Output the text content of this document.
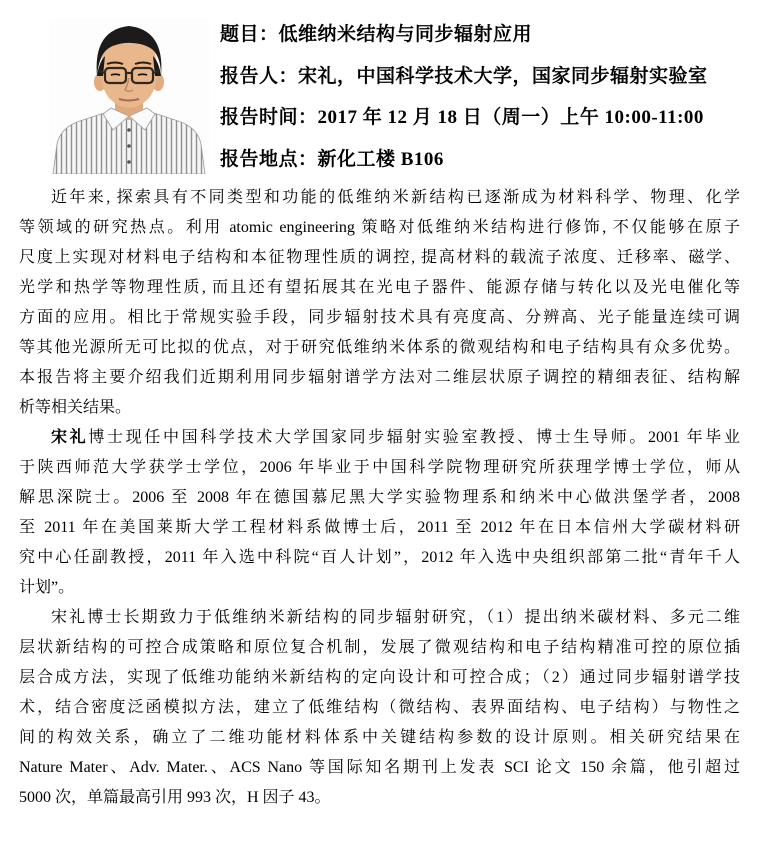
题目：低维纳米结构与同步辐射应用
报告人：宋礼，中国科学技术大学，国家同步辐射实验室
报告时间：2017 年 12 月 18 日（周一）上午 10:00-11:00
报告地点：新化工楼 B106
近年来, 探索具有不同类型和功能的低维纳米新结构已逐渐成为材料科学、物理、化学
等领域的研究热点。利用 atomic engineering 策略对低维纳米结构进行修饰, 不仅能够在原子
尺度上实现对材料电子结构和本征物理性质的调控, 提高材料的载流子浓度、迁移率、磁学、
光学和热学等物理性质, 而且还有望拓展其在光电子器件、能源存储与转化以及光电催化等
方面的应用。相比于常规实验手段，同步辐射技术具有亮度高、分辨高、光子能量连续可调
等其他光源所无可比拟的优点，对于研究低维纳米体系的微观结构和电子结构具有众多优势。
本报告将主要介绍我们近期利用同步辐射谱学方法对二维层状原子调控的精细表征、结构解
析等相关结果。
宋礼博士现任中国科学技术大学国家同步辐射实验室教授、博士生导师。2001 年毕业
于陕西师范大学获学士学位，2006 年毕业于中国科学院物理研究所获理学博士学位，师从
解思深院士。2006 至 2008 年在德国慕尼黑大学实验物理系和纳米中心做洪堡学者，2008
至 2011 年在美国莱斯大学工程材料系做博士后，2011 至 2012 年在日本信州大学碳材料研
究中心任副教授，2011 年入选中科院“百人计划”，2012 年入选中央组织部第二批“青年千人
计划”。
宋礼博士长期致力于低维纳米新结构的同步辐射研究，（1）提出纳米碳材料、多元二维
层状新结构的可控合成策略和原位复合机制，发展了微观结构和电子结构精准可控的原位插
层合成方法，实现了低维功能纳米新结构的定向设计和可控合成；（2）通过同步辐射谱学技
术，结合密度泛函模拟方法，建立了低维结构（微结构、表界面结构、电子结构）与物性之
间的构效关系，确立了二维功能材料体系中关键结构参数的设计原则。相关研究结果在
Nature Mater、Adv. Mater.、ACS Nano 等国际知名期刊上发表 SCI 论文 150 余篇，他引超过
5000 次，单篇最高引用 993 次，H 因子 43。
